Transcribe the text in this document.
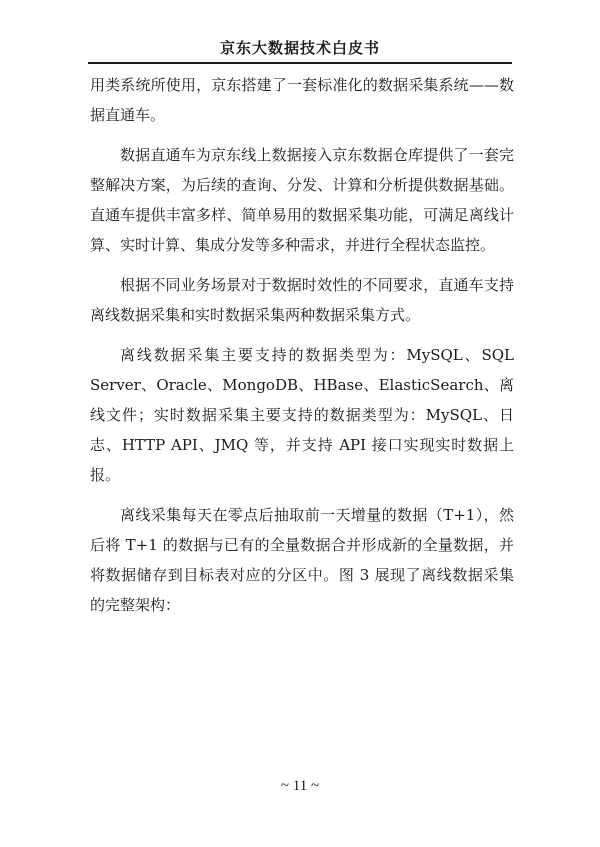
京东大数据技术白皮书

用类系统所使用，京东搭建了一套标准化的数据采集系统——数据直通车。

数据直通车为京东线上数据接入京东数据仓库提供了一套完整解决方案，为后续的查询、分发、计算和分析提供数据基础。直通车提供丰富多样、简单易用的数据采集功能，可满足离线计算、实时计算、集成分发等多种需求，并进行全程状态监控。

根据不同业务场景对于数据时效性的不同要求，直通车支持离线数据采集和实时数据采集两种数据采集方式。

离线数据采集主要支持的数据类型为：MySQL、SQL Server、Oracle、MongoDB、HBase、ElasticSearch、离线文件；实时数据采集主要支持的数据类型为：MySQL、日志、HTTP API、JMQ 等，并支持 API 接口实现实时数据上报。

离线采集每天在零点后抽取前一天增量的数据（T+1），然后将 T+1 的数据与已有的全量数据合并形成新的全量数据，并将数据储存到目标表对应的分区中。图 3 展现了离线数据采集的完整架构：

~ 11 ~
